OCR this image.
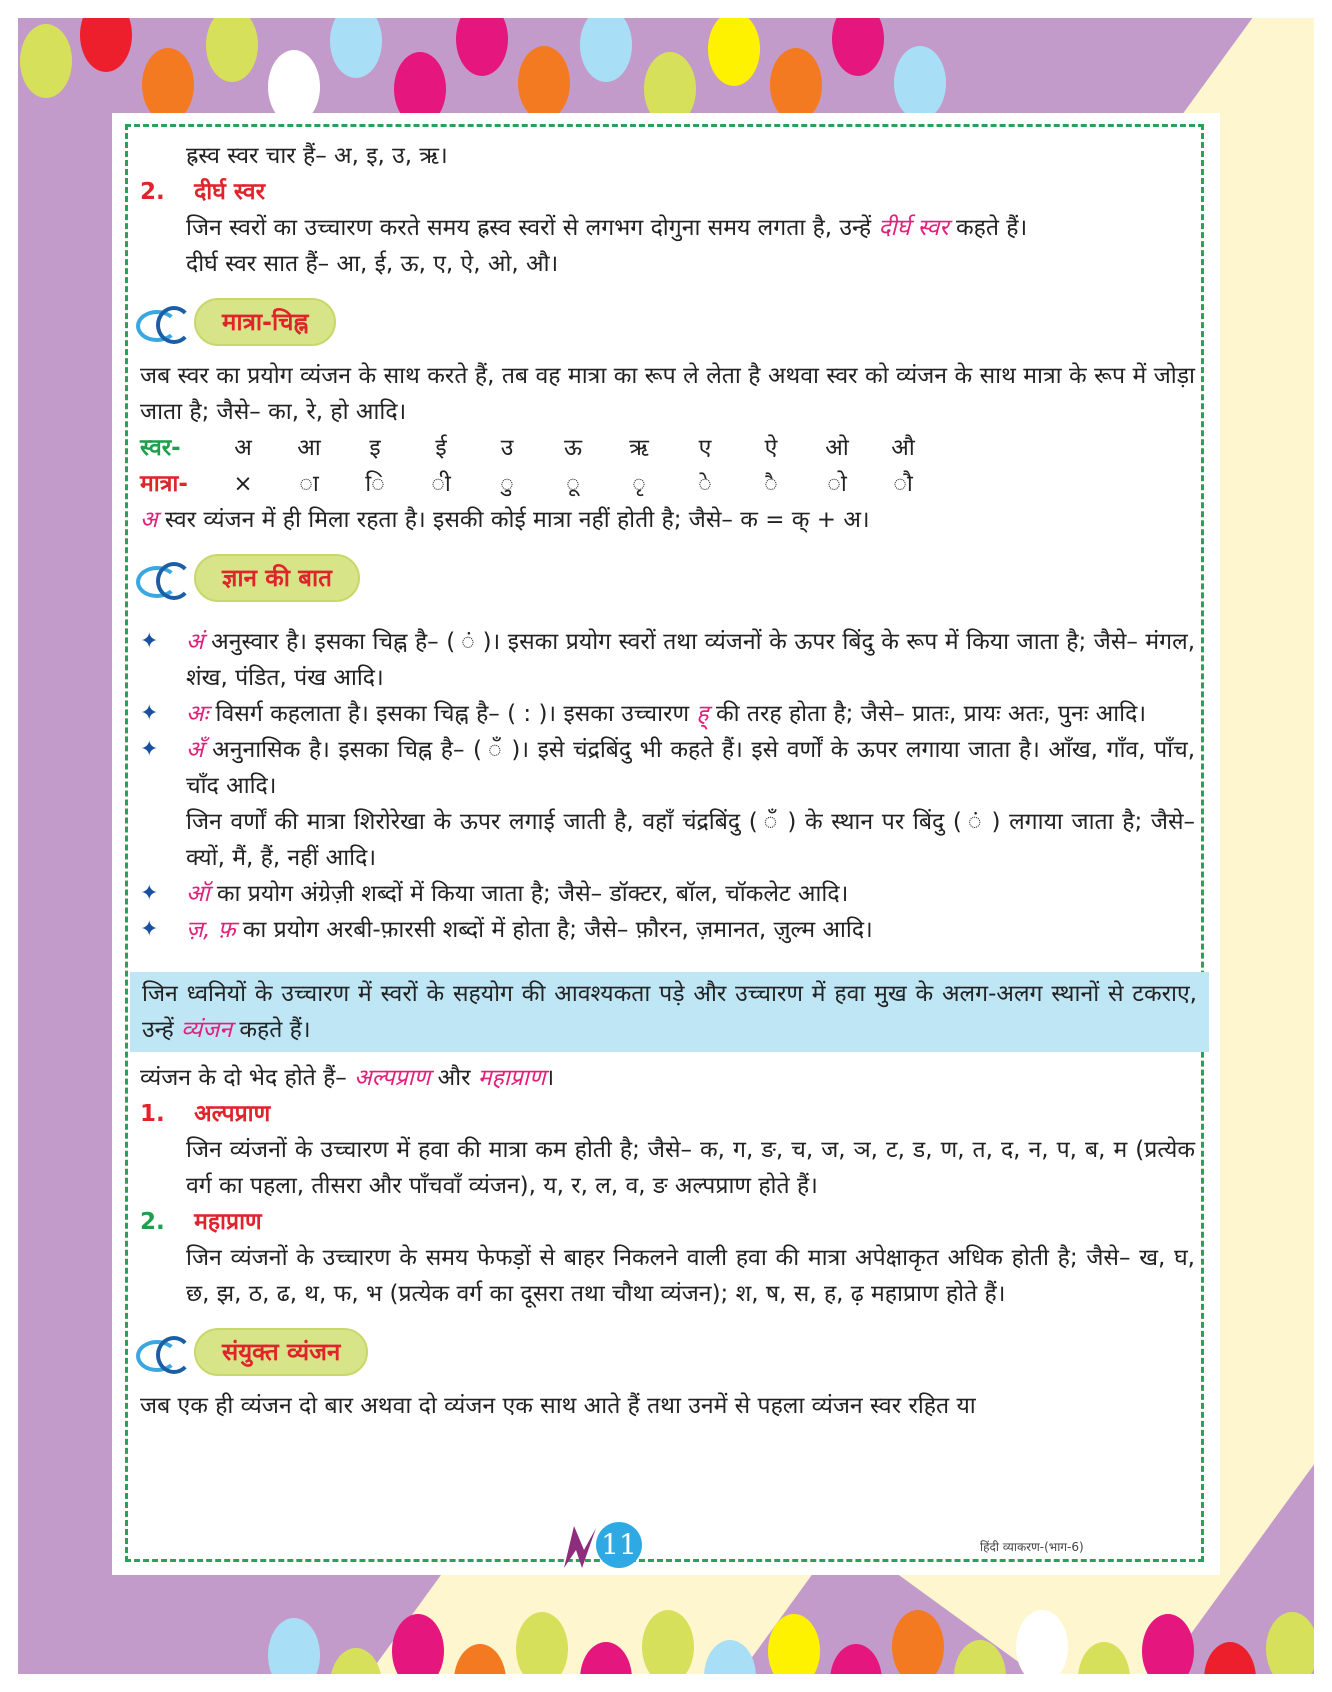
ह्रस्व स्वर चार हैं– अ, इ, उ, ऋ।

2. दीर्घ स्वर

जिन स्वरों का उच्चारण करते समय ह्रस्व स्वरों से लगभग दोगुना समय लगता है, उन्हें दीर्घ स्वर कहते हैं।

दीर्घ स्वर सात हैं– आ, ई, ऊ, ए, ऐ, ओ, औ।

मात्रा-चिह्न

जब स्वर का प्रयोग व्यंजन के साथ करते हैं, तब वह मात्रा का रूप ले लेता है अथवा स्वर को व्यंजन के साथ मात्रा के रूप में जोड़ा जाता है; जैसे– का, रे, हो आदि।

स्वर-	अ	आ	इ	ई	उ	ऊ	ऋ	ए	ऐ	ओ	औ
मात्रा-	×	ा	ि	ी	ु	ू	ृ	े	ै	ो	ौ

अ स्वर व्यंजन में ही मिला रहता है। इसकी कोई मात्रा नहीं होती है; जैसे– क = क् + अ।

ज्ञान की बात
✦	अं अनुस्वार है। इसका चिह्न है– ( ं )। इसका प्रयोग स्वरों तथा व्यंजनों के ऊपर बिंदु के रूप में किया जाता है; जैसे– मंगल, शंख, पंडित, पंख आदि।

✦	अः विसर्ग कहलाता है। इसका चिह्न है– ( : )। इसका उच्चारण ह् की तरह होता है; जैसे– प्रातः, प्रायः अतः, पुनः आदि।

✦	अँ अनुनासिक है। इसका चिह्न है– ( ँ )। इसे चंद्रबिंदु भी कहते हैं। इसे वर्णों के ऊपर लगाया जाता है। आँख, गाँव, पाँच, चाँद आदि।

जिन वर्णों की मात्रा शिरोरेखा के ऊपर लगाई जाती है, वहाँ चंद्रबिंदु ( ँ ) के स्थान पर बिंदु ( ं ) लगाया जाता है; जैसे– क्यों, मैं, हैं, नहीं आदि।

✦	ऑ का प्रयोग अंग्रेज़ी शब्दों में किया जाता है; जैसे– डॉक्टर, बॉल, चॉकलेट आदि।

✦	ज़, फ़ का प्रयोग अरबी-फ़ारसी शब्दों में होता है; जैसे– फ़ौरन, ज़मानत, ज़ुल्म आदि।

जिन ध्वनियों के उच्चारण में स्वरों के सहयोग की आवश्यकता पड़े और उच्चारण में हवा मुख के अलग-अलग स्थानों से टकराए, उन्हें व्यंजन कहते हैं।

व्यंजन के दो भेद होते हैं– अल्पप्राण और महाप्राण।

1. अल्पप्राण

जिन व्यंजनों के उच्चारण में हवा की मात्रा कम होती है; जैसे– क, ग, ङ, च, ज, ञ, ट, ड, ण, त, द, न, प, ब, म (प्रत्येक वर्ग का पहला, तीसरा और पाँचवाँ व्यंजन), य, र, ल, व, ङ अल्पप्राण होते हैं।

2. महाप्राण

जिन व्यंजनों के उच्चारण के समय फेफड़ों से बाहर निकलने वाली हवा की मात्रा अपेक्षाकृत अधिक होती है; जैसे– ख, घ, छ, झ, ठ, ढ, थ, फ, भ (प्रत्येक वर्ग का दूसरा तथा चौथा व्यंजन); श, ष, स, ह, ढ़ महाप्राण होते हैं।

संयुक्त व्यंजन

जब एक ही व्यंजन दो बार अथवा दो व्यंजन एक साथ आते हैं तथा उनमें से पहला व्यंजन स्वर रहित या

11	हिंदी व्याकरण-(भाग-6)
